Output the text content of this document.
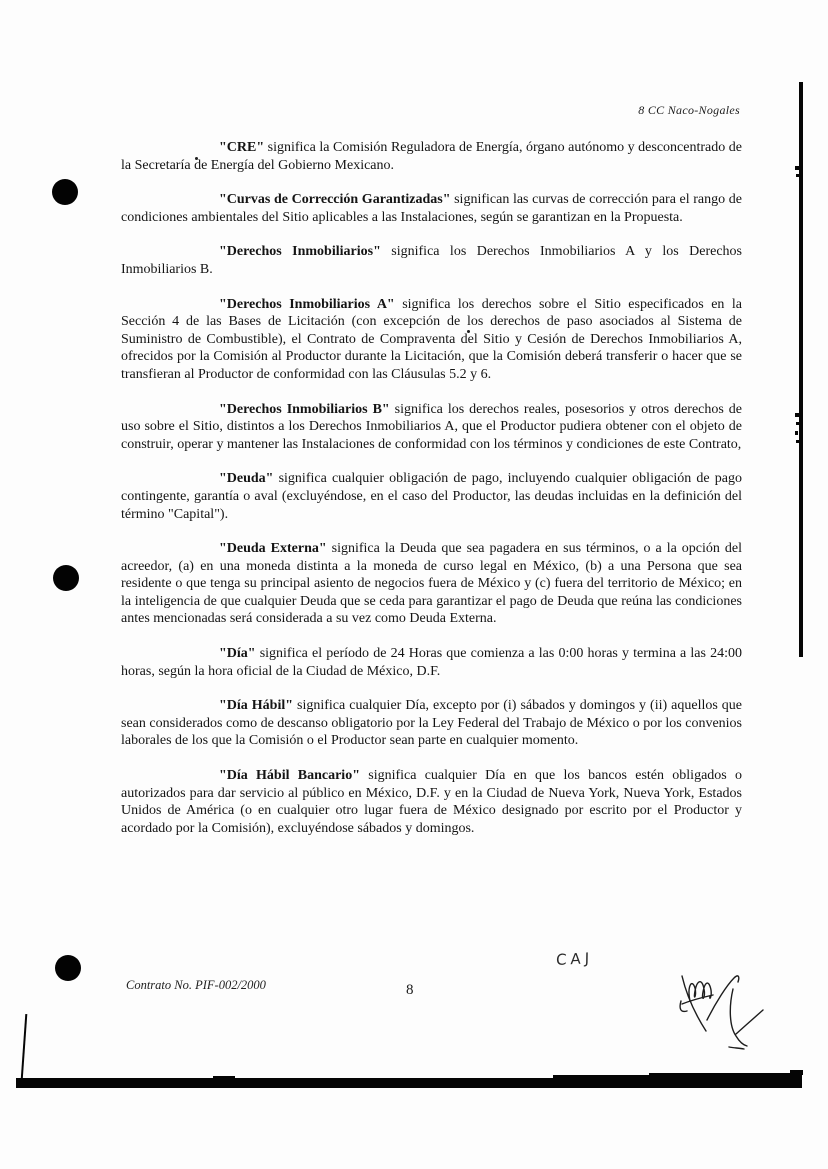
8 CC Naco-Nogales

"CRE" significa la Comisión Reguladora de Energía, órgano autónomo y desconcentrado de la Secretaría de Energía del Gobierno Mexicano.

"Curvas de Corrección Garantizadas" significan las curvas de corrección para el rango de condiciones ambientales del Sitio aplicables a las Instalaciones, según se garantizan en la Propuesta.

"Derechos Inmobiliarios" significa los Derechos Inmobiliarios A y los Derechos Inmobiliarios B.

"Derechos Inmobiliarios A" significa los derechos sobre el Sitio especificados en la Sección 4 de las Bases de Licitación (con excepción de los derechos de paso asociados al Sistema de Suministro de Combustible), el Contrato de Compraventa del Sitio y Cesión de Derechos Inmobiliarios A, ofrecidos por la Comisión al Productor durante la Licitación, que la Comisión deberá transferir o hacer que se transfieran al Productor de conformidad con las Cláusulas 5.2 y 6.

"Derechos Inmobiliarios B" significa los derechos reales, posesorios y otros derechos de uso sobre el Sitio, distintos a los Derechos Inmobiliarios A, que el Productor pudiera obtener con el objeto de construir, operar y mantener las Instalaciones de conformidad con los términos y condiciones de este Contrato,

"Deuda" significa cualquier obligación de pago, incluyendo cualquier obligación de pago contingente, garantía o aval (excluyéndose, en el caso del Productor, las deudas incluidas en la definición del término "Capital").

"Deuda Externa" significa la Deuda que sea pagadera en sus términos, o a la opción del acreedor, (a) en una moneda distinta a la moneda de curso legal en México, (b) a una Persona que sea residente o que tenga su principal asiento de negocios fuera de México y (c) fuera del territorio de México; en la inteligencia de que cualquier Deuda que se ceda para garantizar el pago de Deuda que reúna las condiciones antes mencionadas será considerada a su vez como Deuda Externa.

"Día" significa el período de 24 Horas que comienza a las 0:00 horas y termina a las 24:00 horas, según la hora oficial de la Ciudad de México, D.F.

"Día Hábil" significa cualquier Día, excepto por (i) sábados y domingos y (ii) aquellos que sean considerados como de descanso obligatorio por la Ley Federal del Trabajo de México o por los convenios laborales de los que la Comisión o el Productor sean parte en cualquier momento.

"Día Hábil Bancario" significa cualquier Día en que los bancos estén obligados o autorizados para dar servicio al público en México, D.F. y en la Ciudad de Nueva York, Nueva York, Estados Unidos de América (o en cualquier otro lugar fuera de México designado por escrito por el Productor y acordado por la Comisión), excluyéndose sábados y domingos.

Contrato No. PIF-002/2000	8
CAJ
